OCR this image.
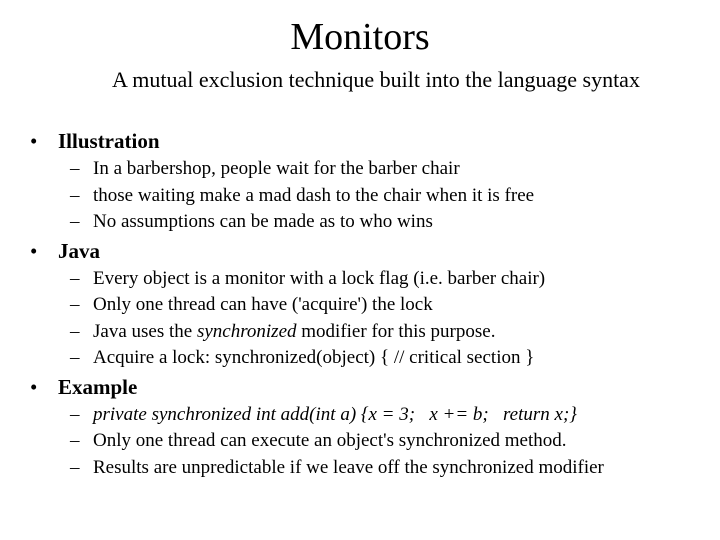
Monitors
A mutual exclusion technique built into the language syntax
• Illustration
– In a barbershop, people wait for the barber chair
– those waiting make a mad dash to the chair when it is free
– No assumptions can be made as to who wins
• Java
– Every object is a monitor with a lock flag (i.e. barber chair)
– Only one thread can have ('acquire') the lock
– Java uses the synchronized modifier for this purpose.
– Acquire a lock: synchronized(object) { // critical section }
• Example
– private synchronized int add(int a) {x = 3;   x += b;   return x;}
– Only one thread can execute an object's synchronized method.
– Results are unpredictable if we leave off the synchronized modifier
